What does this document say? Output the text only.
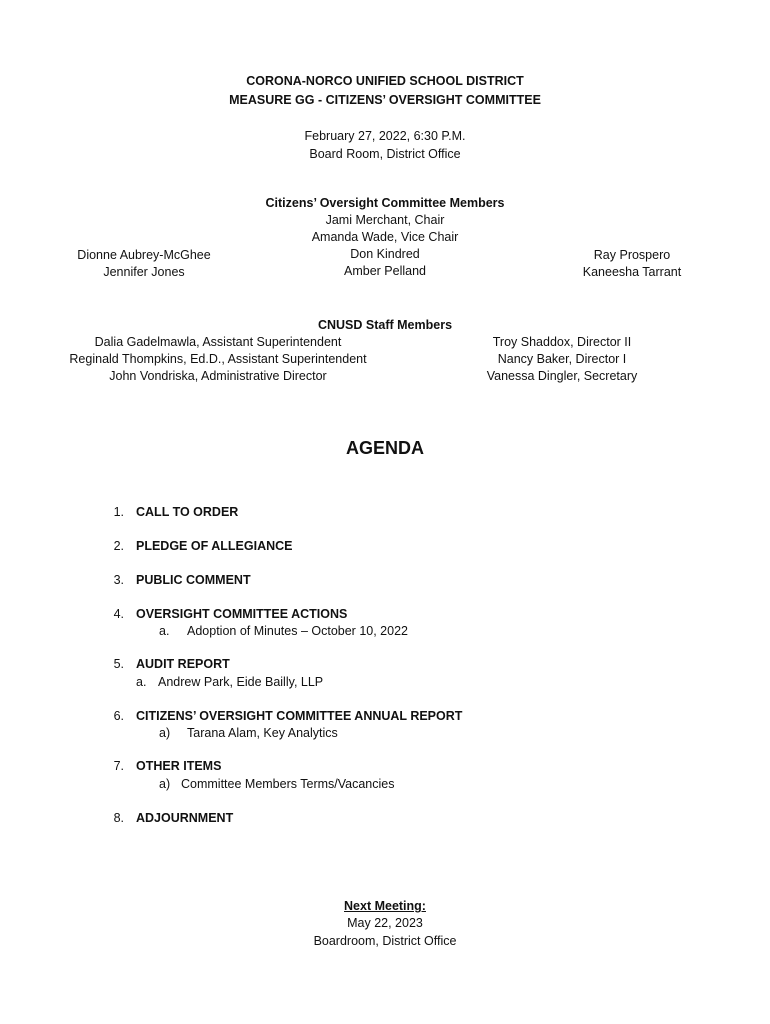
CORONA-NORCO UNIFIED SCHOOL DISTRICT
MEASURE GG - CITIZENS’ OVERSIGHT COMMITTEE
February 27, 2022, 6:30 P.M.
Board Room, District Office
Citizens’ Oversight Committee Members
Jami Merchant, Chair
Amanda Wade, Vice Chair
Don Kindred
Amber Pelland
Dionne Aubrey-McGhee
Jennifer Jones
Ray Prospero
Kaneesha Tarrant
CNUSD Staff Members
Dalia Gadelmawla, Assistant Superintendent
Reginald Thompkins, Ed.D., Assistant Superintendent
John Vondriska, Administrative Director
Troy Shaddox, Director II
Nancy Baker, Director I
Vanessa Dingler, Secretary
AGENDA
1. CALL TO ORDER
2. PLEDGE OF ALLEGIANCE
3. PUBLIC COMMENT
4. OVERSIGHT COMMITTEE ACTIONS
a. Adoption of Minutes – October 10, 2022
5. AUDIT REPORT
a. Andrew Park, Eide Bailly, LLP
6. CITIZENS’ OVERSIGHT COMMITTEE ANNUAL REPORT
a) Tarana Alam, Key Analytics
7. OTHER ITEMS
a) Committee Members Terms/Vacancies
8. ADJOURNMENT
Next Meeting:
May 22, 2023
Boardroom, District Office
